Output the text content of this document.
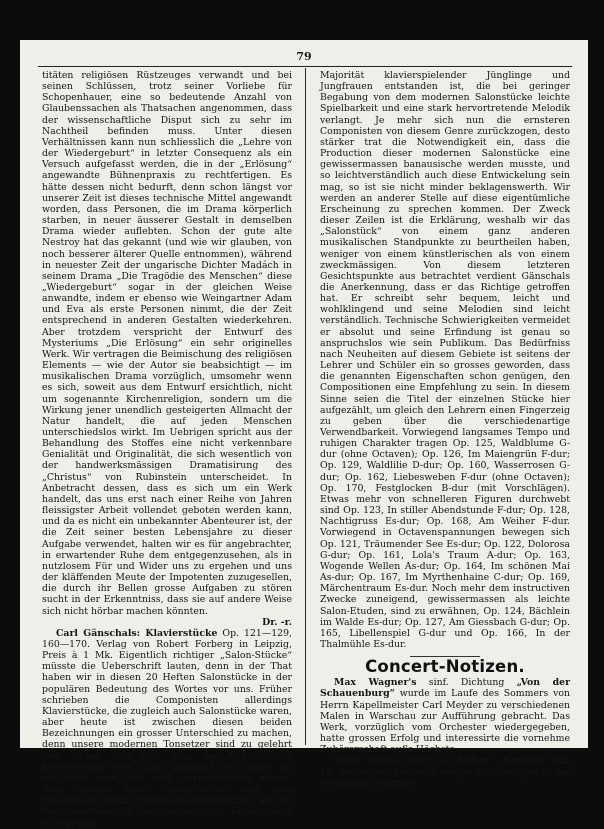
79

titäten religiösen Rüstzeuges verwandt und bei seinen Schlüssen, trotz seiner Vorliebe für Schopenhauer, eine so bedeutende Anzahl von Glaubenssachen als Thatsachen angenommen, dass der wissenschaftliche Disput sich zu sehr im Nachtheil befinden muss. Unter diesen Verhältnissen kann nun schliesslich die „Lehre von der Wiedergeburt“ in letzter Consequenz als ein Versuch aufgefasst werden, die in der „Erlösung“ angewandte Bühnenpraxis zu rechtfertigen. Es hätte dessen nicht bedurft, denn schon längst vor unserer Zeit ist dieses technische Mittel angewandt worden, dass Personen, die im Drama körperlich starben, in neuer äusserer Gestalt in demselben Drama wieder auflebten. Schon der gute alte Nestroy hat das gekannt (und wie wir glauben, von noch besserer älterer Quelle entnommen), während in neuester Zeit der ungarische Dichter Madách in seinem Drama „Die Tragödie des Menschen“ diese „Wiedergeburt“ sogar in der gleichen Weise anwandte, indem er ebenso wie Weingartner Adam und Eva als erste Personen nimmt, die der Zeit entsprechend in anderen Gestalten wiederkehren. Aber trotzdem verspricht der Entwurf des Mysteriums „Die Erlösung“ ein sehr originelles Werk. Wir vertragen die Beimischung des religiösen Elements — wie der Autor sie beabsichtigt — im musikalischen Drama vorzüglich, umsomehr wenn es sich, soweit aus dem Entwurf ersichtlich, nicht um sogenannte Kirchenreligion, sondern um die Wirkung jener unendlich gesteigerten Allmacht der Natur handelt, die auf jeden Menschen unterschiedslos wirkt. Im Uebrigen spricht aus der Behandlung des Stoffes eine nicht verkennbare Genialität und Originalität, die sich wesentlich von der handwerksmässigen Dramatisirung des „Christus“ von Rubinstein unterscheidet. In Anbetracht dessen, dass es sich um ein Werk handelt, das uns erst nach einer Reihe von Jahren fleissigster Arbeit vollendet geboten werden kann, und da es nicht ein unbekannter Abenteurer ist, der die Zeit seiner besten Lebensjahre zu dieser Aufgabe verwendet, halten wir es für angebrachter, in erwartender Ruhe dem entgegenzusehen, als in nutzlosem Für und Wider uns zu ergehen und uns der kläffenden Meute der Impotenten zuzugesellen, die durch ihr Bellen grosse Aufgaben zu stören sucht in der Erkenntniss, dass sie auf andere Weise sich nicht hörbar machen könnten.

Dr. -r.

Carl Gänschals: Klavierstücke Op. 121—129, 160—170. Verlag von Robert Forberg in Leipzig, Preis à 1 Mk. Eigentlich richtiger „Salon-Stücke“ müsste die Ueberschrift lauten, denn in der That haben wir in diesen 20 Heften Salonstücke in der populären Bedeutung des Wortes vor uns. Früher schrieben die Componisten allerdings Klavierstücke, die zugleich auch Salonstücke waren, aber heute ist zwischen diesen beiden Bezeichnungen ein grosser Unterschied zu machen, denn unsere modernen Tonsetzer sind zu gelehrt und bilden sich ein, dass der Werth ihrer Klavierstücke erst dann garantirt sei, wenn sie möglichst complicirt und unverständlich wären. Aber gerade diese Eigenschaften sind dem Salonstücke wenig zuträglich, umsoweniger, als mit der zunehmenden Verbreitung des Klavierspiels eine grosse

Majorität klavierspielender Jünglinge und Jungfrauen entstanden ist, die bei geringer Begabung von dem modernen Salonstücke leichte Spielbarkeit und eine stark hervortretende Melodik verlangt. Je mehr sich nun die ernsteren Componisten von diesem Genre zurückzogen, desto stärker trat die Notwendigkeit ein, dass die Production dieser modernen Salonstücke eine gewissermassen banausische werden musste, und so leichtverständlich auch diese Entwickelung sein mag, so ist sie nicht minder beklagenswerth. Wir werden an anderer Stelle auf diese eigentümliche Erscheinung zu sprechen kommen. Der Zweck dieser Zeilen ist die Erklärung, weshalb wir das „Salonstück“ von einem ganz anderen musikalischen Standpunkte zu beurtheilen haben, weniger von einem künstlerischen als von einem zweckmässigen. Von diesem letzteren Gesichtspunkte aus betrachtet verdient Gänschals die Anerkennung, dass er das Richtige getroffen hat. Er schreibt sehr bequem, leicht und wohlklingend und seine Melodien sind leicht verständlich. Technische Schwierigkeiten vermeidet er absolut und seine Erfindung ist genau so anspruchslos wie sein Publikum. Das Bedürfniss nach Neuheiten auf diesem Gebiete ist seitens der Lehrer und Schüler ein so grosses geworden, dass die genannten Eigenschaften schon genügen, den Compositionen eine Empfehlung zu sein. In diesem Sinne seien die Titel der einzelnen Stücke hier aufgezählt, um gleich den Lehrern einen Fingerzeig zu geben über die verschiedenartige Verwendbarkeit. Vorwiegend langsames Tempo und ruhigen Charakter tragen Op. 125, Waldblume G-dur (ohne Octaven); Op. 126, Im Maiengrün F-dur; Op. 129, Waldlilie D-dur; Op. 160, Wasserrosen G-dur; Op. 162, Liebesweben F-dur (ohne Octaven); Op. 170, Festglocken B-dur (mit Vorschlägen). Etwas mehr von schnelleren Figuren durchwebt sind Op. 123, In stiller Abendstunde F-dur; Op. 128, Nachtigruss Es-dur; Op. 168, Am Weiher F-dur. Vorwiegend in Octavenspannungen bewegen sich Op. 121, Träumender See Es-dur; Op. 122, Dolorosa G-dur; Op. 161, Lola's Traum A-dur; Op. 163, Wogende Wellen As-dur; Op. 164, Im schönen Mai As-dur; Op. 167, Im Myrthenhaine C-dur; Op. 169, Märchentraum Es-dur. Noch mehr dem instructiven Zwecke zuneigend, gewissermassen als leichte Salon-Etuden, sind zu erwähnen, Op. 124, Bächlein im Walde Es-dur; Op. 127, Am Giessbach G-dur; Op. 165, Libellenspiel G-dur und Op. 166, In der Thalmühle Es-dur.

Concert-Notizen.

Max Wagner's sinf. Dichtung „Von der Schauenburg“ wurde im Laufe des Sommers von Herrn Kapellmeister Carl Meyder zu verschiedenen Malen in Warschau zur Aufführung gebracht. Das Werk, vorzüglich vom Orchester wiedergegeben, hatte grossen Erfolg und interessirte die vornehme Zuhörerschaft auf's Höchste.

Unser Referat über das Zither - Concert vom 15. September erscheint wegen Raummangel in der November-Nummer.
